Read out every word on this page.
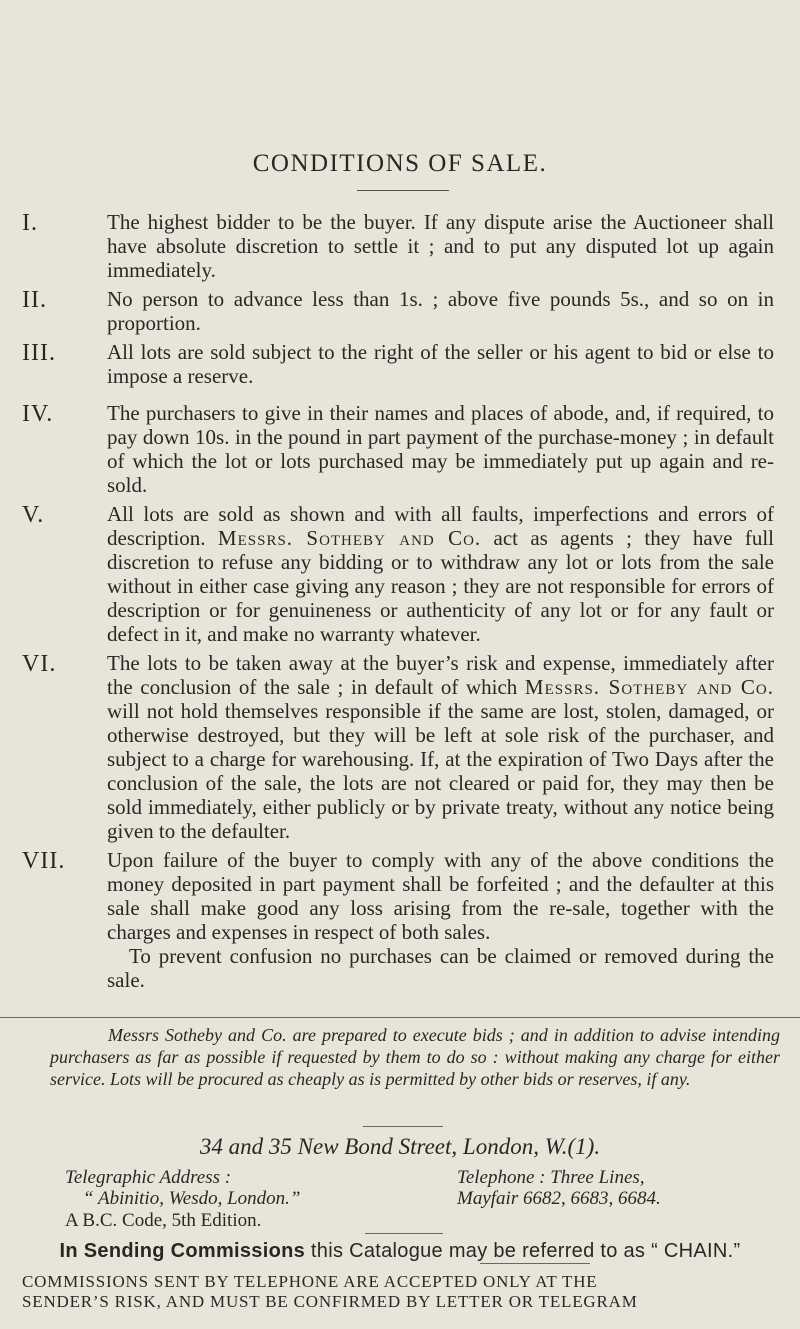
CONDITIONS OF SALE.
I.	The highest bidder to be the buyer. If any dispute arise the Auctioneer shall have absolute discretion to settle it ; and to put any disputed lot up again immediately.
II.	No person to advance less than 1s. ; above five pounds 5s., and so on in proportion.
III. All lots are sold subject to the right of the seller or his agent to bid or else to impose a reserve.
IV.	The purchasers to give in their names and places of abode, and, if required, to pay down 10s. in the pound in part payment of the purchase-money ; in default of which the lot or lots purchased may be immediately put up again and re-sold.
V.	All lots are sold as shown and with all faults, imperfections and errors of description. Messrs. Sotheby and Co. act as agents ; they have full discretion to refuse any bidding or to withdraw any lot or lots from the sale without in either case giving any reason ; they are not responsible for errors of description or for genuineness or authenticity of any lot or for any fault or defect in it, and make no warranty whatever.
VI. The lots to be taken away at the buyer’s risk and expense, immediately after the conclusion of the sale ; in default of which Messrs. Sotheby and Co. will not hold themselves responsible if the same are lost, stolen, damaged, or otherwise destroyed, but they will be left at sole risk of the purchaser, and subject to a charge for warehousing. If, at the expiration of Two Days after the conclusion of the sale, the lots are not cleared or paid for, they may then be sold immediately, either publicly or by private treaty, without any notice being given to the defaulter.
VII. Upon failure of the buyer to comply with any of the above conditions the money deposited in part payment shall be forfeited ; and the defaulter at this sale shall make good any loss arising from the re-sale, together with the charges and expenses in respect of both sales.
To prevent confusion no purchases can be claimed or removed during the sale.
Messrs Sotheby and Co. are prepared to execute bids ; and in addition to advise intending purchasers as far as possible if requested by them to do so : without making any charge for either service. Lots will be procured as cheaply as is permitted by other bids or reserves, if any.
34 and 35 New Bond Street, London, W.(1).
Telegraphic Address :
“ Abinitio, Wesdo, London.”
Telephone : Three Lines,
Mayfair 6682, 6683, 6684.
A B.C. Code, 5th Edition.
In Sending Commissions this Catalogue may be referred to as “ CHAIN.”
COMMISSIONS SENT BY TELEPHONE ARE ACCEPTED ONLY AT THE
SENDER’S RISK, AND MUST BE CONFIRMED BY LETTER OR TELEGRAM
